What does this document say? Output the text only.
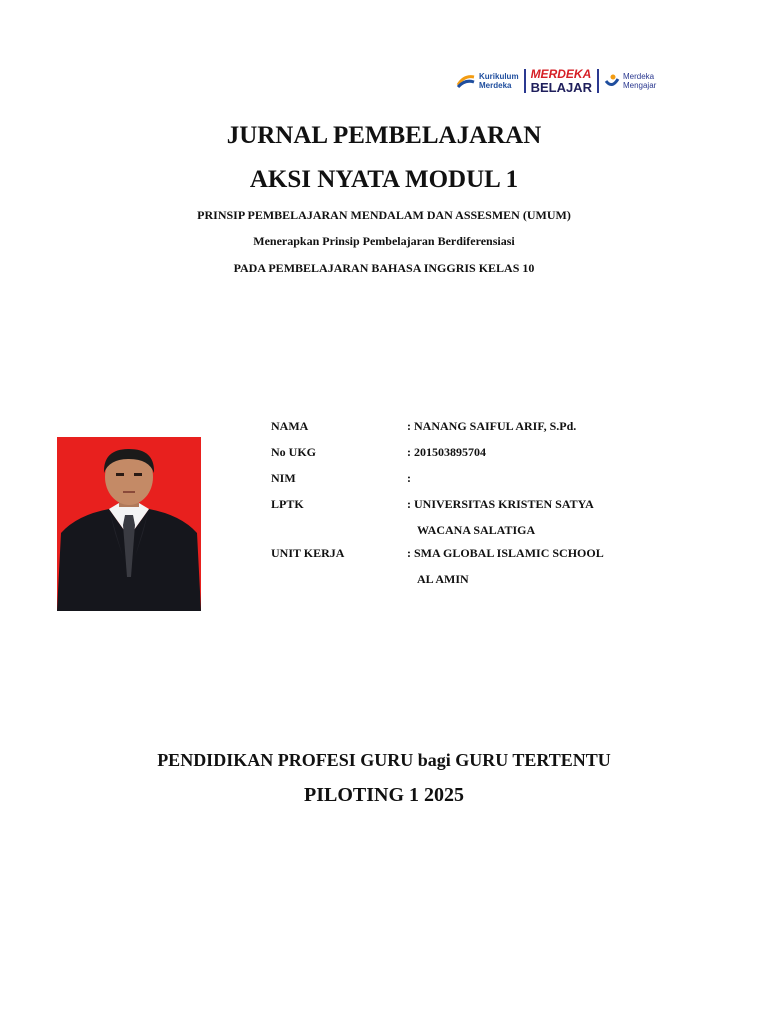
Kurikulum
Merdeka
MERDEKA
BELAJAR
Merdeka
Mengajar
JURNAL PEMBELAJARAN
AKSI NYATA MODUL 1

PRINSIP PEMBELAJARAN MENDALAM DAN ASSESMEN (UMUM)

Menerapkan Prinsip Pembelajaran Berdiferensiasi

PADA PEMBELAJARAN BAHASA INGGRIS KELAS 10

NAMA	: NANANG SAIFUL ARIF, S.Pd.
No UKG	: 201503895704
NIM	:
LPTK	: UNIVERSITAS KRISTEN SATYA
WACANA SALATIGA
UNIT KERJA	: SMA GLOBAL ISLAMIC SCHOOL
AL AMIN

PENDIDIKAN PROFESI GURU bagi GURU TERTENTU

PILOTING 1 2025
